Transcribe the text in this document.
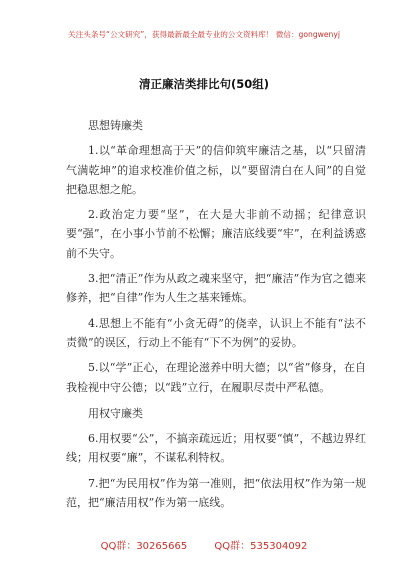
关注头条号“公文研究”，获得最新最全最专业的公文资料库！ 微信：gongwenyj
清正廉洁类排比句(50组)
思想铸廉类

1.以“革命理想高于天”的信仰筑牢廉洁之基，以“只留清气满乾坤”的追求校准价值之标，以“要留清白在人间”的自觉把稳思想之舵。

2.政治定力要“坚”，在大是大非前不动摇；纪律意识要“强”，在小事小节前不松懈；廉洁底线要“牢”，在利益诱惑前不失守。

3.把“清正”作为从政之魂来坚守，把“廉洁”作为官之德来修养，把“自律”作为人生之基来锤炼。

4.思想上不能有“小贪无碍”的侥幸，认识上不能有“法不责微”的误区，行动上不能有“下不为例”的妥协。

5.以“学”正心，在理论滋养中明大德；以“省”修身，在自我检视中守公德；以“践”立行，在履职尽责中严私德。

用权守廉类

6.用权要“公”，不搞亲疏远近；用权要“慎”，不越边界红线；用权要“廉”，不谋私利特权。

7.把“为民用权”作为第一准则，把“依法用权”作为第一规范，把“廉洁用权”作为第一底线。

QQ群：30265665	QQ群：535304092
